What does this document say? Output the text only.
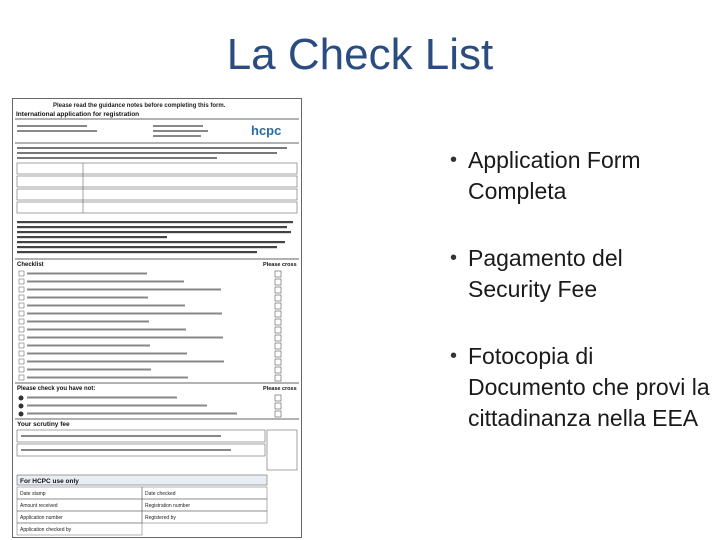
La Check List
Please read the guidance notes before completing this form.
International application for registration
hcpc
Checklist	Please cross
Please check you have not:	Please cross
Your scrutiny fee
For HCPC use only
Date stamp	Date checked
Amount received	Registration number
Application number	Registered by
Application checked by
• Application Form Completa
• Pagamento del Security Fee
• Fotocopia di Documento che provi la cittadinanza nella EEA
